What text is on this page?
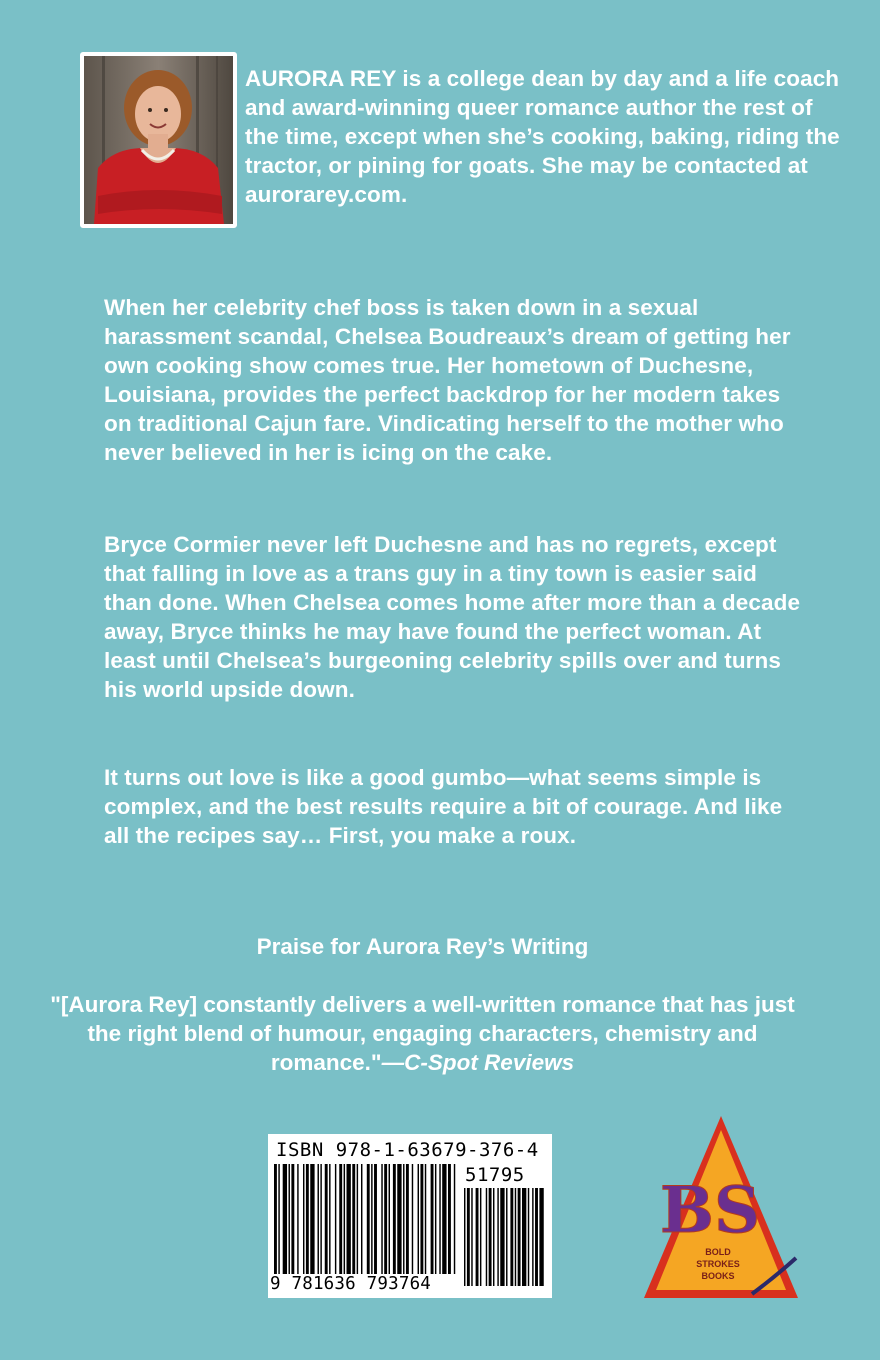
AURORA REY is a college dean by day and a life coach and award-winning queer romance author the rest of the time, except when she’s cooking, baking, riding the tractor, or pining for goats. She may be contacted at aurorarey.com.

When her celebrity chef boss is taken down in a sexual harassment scandal, Chelsea Boudreaux’s dream of getting her own cooking show comes true. Her hometown of Duchesne, Louisiana, provides the perfect backdrop for her modern takes on traditional Cajun fare. Vindicating herself to the mother who never believed in her is icing on the cake.

Bryce Cormier never left Duchesne and has no regrets, except that falling in love as a trans guy in a tiny town is easier said than done. When Chelsea comes home after more than a decade away, Bryce thinks he may have found the perfect woman. At least until Chelsea’s burgeoning celebrity spills over and turns his world upside down.

It turns out love is like a good gumbo—what seems simple is complex, and the best results require a bit of courage. And like all the recipes say… First, you make a roux.

Praise for Aurora Rey’s Writing

"[Aurora Rey] constantly delivers a well-written romance that has just the right blend of humour, engaging characters, chemistry and romance."—C-Spot Reviews

ISBN 978-1-63679-376-4
51795
9 781636 793764
BS
BOLD
STROKES
BOOKS
